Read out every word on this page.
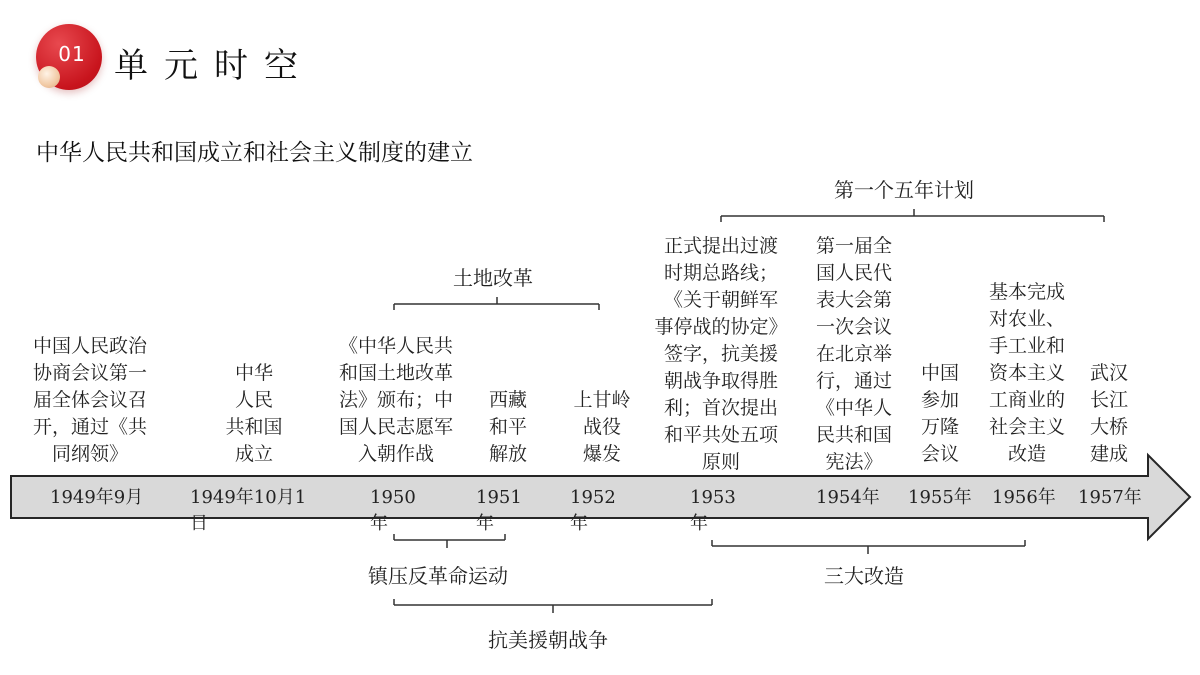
01 单元时空
中华人民共和国成立和社会主义制度的建立
第一个五年计划
土地改革
镇压反革命运动	三大改造
抗美援朝战争
中国人民政治
协商会议第一
届全体会议召
开，通过《共
同纲领》
中华
人民
共和国
成立
《中华人民共
和国土地改革
法》颁布；中
国人民志愿军
入朝作战
西藏
和平
解放
上甘岭
战役
爆发
正式提出过渡
时期总路线；
《关于朝鲜军
事停战的协定》
签字，抗美援
朝战争取得胜
利；首次提出
和平共处五项
原则
第一届全
国人民代
表大会第
一次会议
在北京举
行，通过
《中华人
民共和国
宪法》
中国
参加
万隆
会议
基本完成
对农业、
手工业和
资本主义
工商业的
社会主义
改造
武汉
长江
大桥
建成
1949年9月	1949年10月1
日
1950
年
1951
年
1952
年
1953
年
1954年 1955年 1956年 1957年
